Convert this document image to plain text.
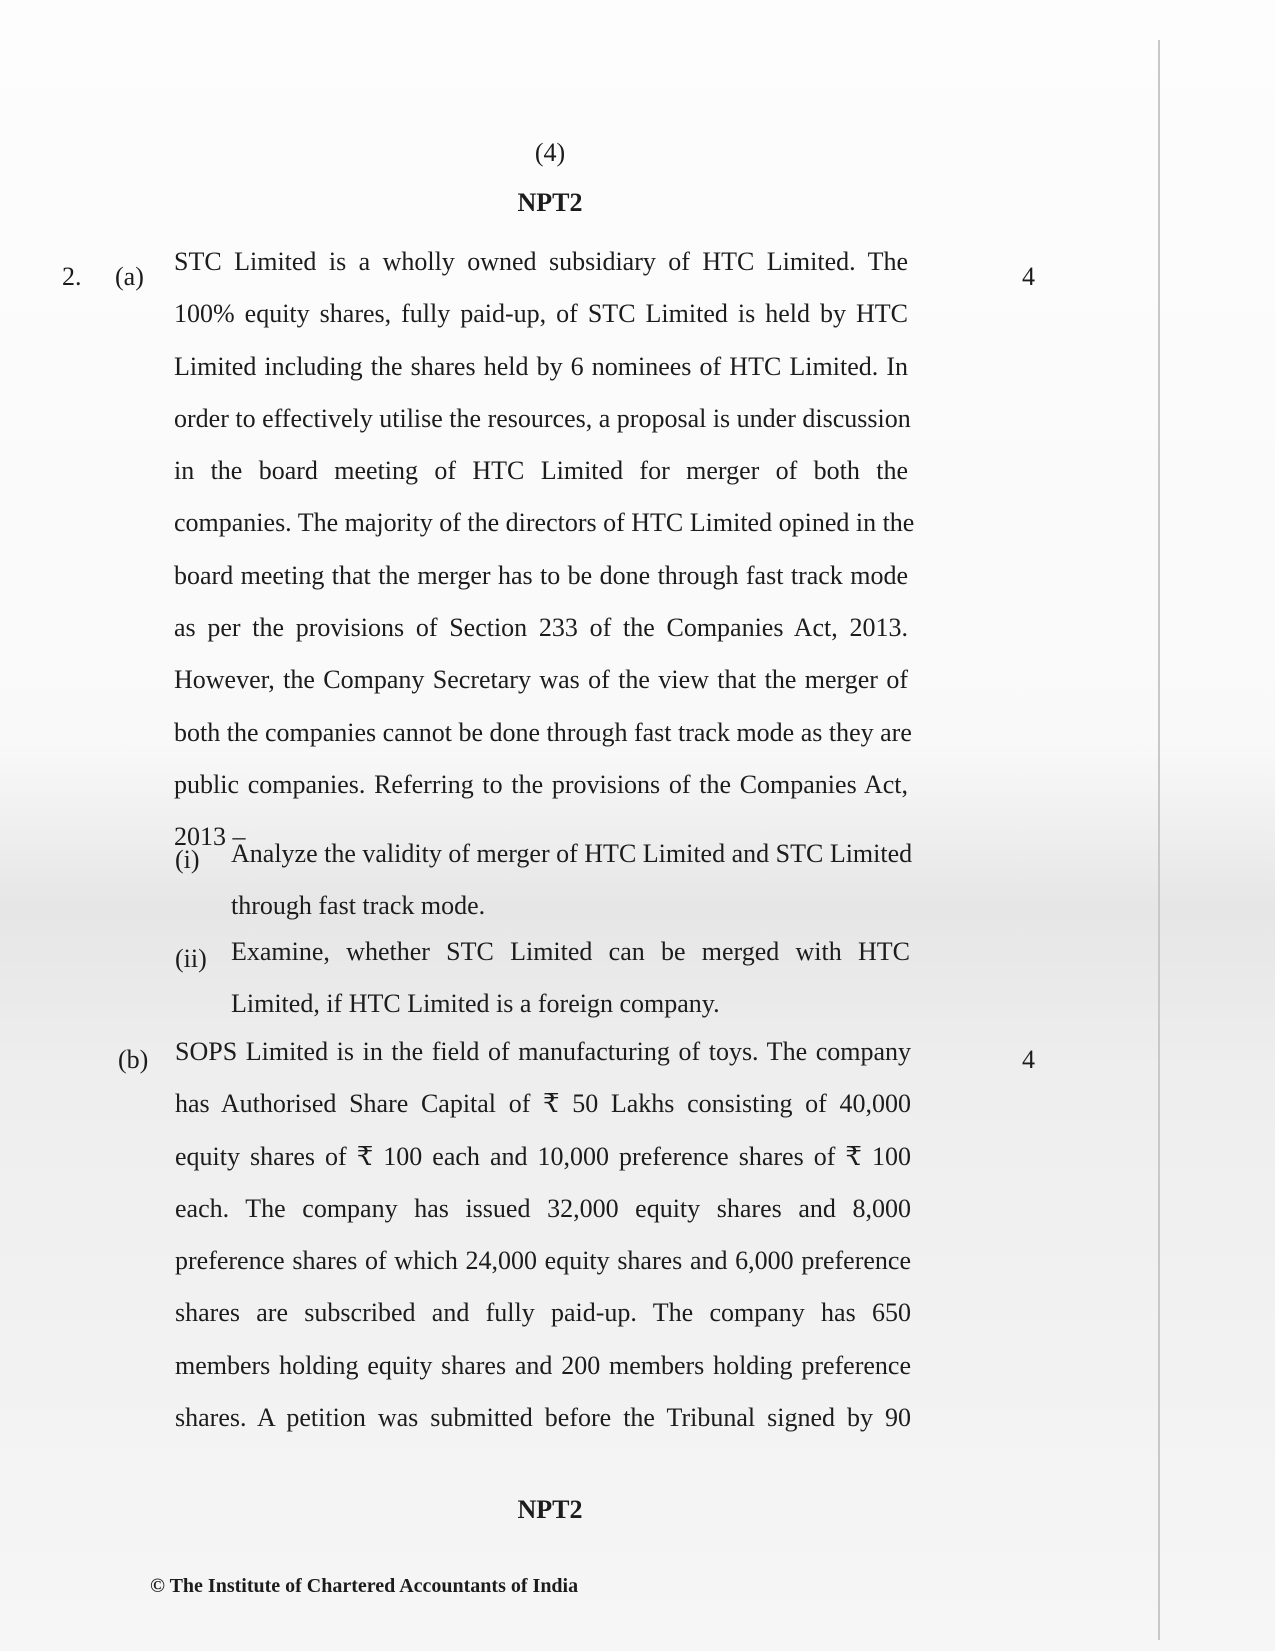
(4)
NPT2
2. (a)	4
STC Limited is a wholly owned subsidiary of HTC Limited. The
100% equity shares, fully paid-up, of STC Limited is held by HTC
Limited including the shares held by 6 nominees of HTC Limited. In
order to effectively utilise the resources, a proposal is under discussion
in the board meeting of HTC Limited for merger of both the
companies. The majority of the directors of HTC Limited opined in the
board meeting that the merger has to be done through fast track mode
as per the provisions of Section 233 of the Companies Act, 2013.
However, the Company Secretary was of the view that the merger of
both the companies cannot be done through fast track mode as they are
public companies. Referring to the provisions of the Companies Act,
2013 –
(i) Analyze the validity of merger of HTC Limited and STC Limited
through fast track mode.
(ii) Examine, whether STC Limited can be merged with HTC
Limited, if HTC Limited is a foreign company.
(b)	4
SOPS Limited is in the field of manufacturing of toys. The company
has Authorised Share Capital of ₹ 50 Lakhs consisting of 40,000
equity shares of ₹ 100 each and 10,000 preference shares of ₹ 100
each. The company has issued 32,000 equity shares and 8,000
preference shares of which 24,000 equity shares and 6,000 preference
shares are subscribed and fully paid-up. The company has 650
members holding equity shares and 200 members holding preference
shares. A petition was submitted before the Tribunal signed by 90
NPT2
© The Institute of Chartered Accountants of India
